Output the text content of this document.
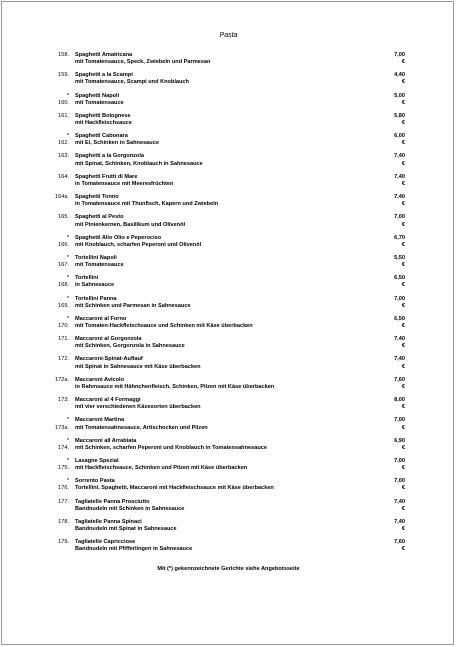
Pasta
158. Spaghetti Amatricana
mit Tomatensauce, Speck, Zwiebeln und Parmesan
7,00
€
159. Spaghetti a la Scampi
mit Tomatensauce, Scampi und Knoblauch
4,40
€
*
160.
Spaghetti Napoli
mit Tomatensauce
5,00
€
161. Spaghetti Bolognese
mit Hackfleischsauce
5,80
€
*
162.
Spaghetti Cabonara
mit Ei, Schinken in Sahnesauce
6,00
€
163. Spaghetti a la Gorgonzola
mit Spinat, Schinken, Knoblauch in Sahnesauce
7,40
€
164. Spaghetti Frutti di Mare
in Tomatensauce mit Meeresfrüchten
7,40
€
164a. Spaghetti Tonno
in Tomatensauce mit Thunfisch, Kapern und Zwiebeln
7,40
€
165. Spaghetti al Pesto
mit Pinienkernen, Basilikum und Olivenöl
7,00
€
*
166.
Spaghetti Alio Olio e Peperociso
mit Knoblauch, scharfen Peperoni und Olivenöl
6,70
€
*
167.
Tortellini Napoli
mit Tomatensauce
5,50
€
*
168.
Tortellini
in Sahnesauce
6,50
€
*
169.
Tortellini Panna
mit Schinken und Parmesan in Sahnesauce
7,00
€
*
170.
Maccaroni al Forno
mit Tomaten-Hackfleischsauce und Schinken mit Käse überbacken
6,50
€
171. Maccaroni al Gorgonzola
mit Schinken, Gorgonzola in Sahnesauce
7,40
€
172. Maccaroni-Spinat-Auflauf
mit Spinat in Sahnesauce mit Käse überbacken
7,40
€
172a. Maccaroni Avicolo
in Rahmsauce mit Hähnchenfleisch, Schinken, Pilzen mit Käse überbacken
7,60
€
173. Maccaroni al 4 Formaggi
mit vier verschiedenen Käsesorten überbacken
8,00
€
*
173a.
Maccaroni Martina
mit Tomatensahnesauce, Artischocken und Pilzen
7,00
€
*
174.
Maccaroni all Arrabiata
mit Schinken, scharfen Peperoni und Knoblauch in Tomatensahnesauce
6,90
€
*
175.
Lasagne Spezial
mit Hackfleischsauce, Schinken und Pilzen mit Käse überbacken
7,00
€
*
176.
Sorrento Pasta
Tortellini, Spaghetti, Maccaroni mit Hackfleischsauce mit Käse überbacken
7,00
€
177. Tagliatelle Panna Prosciutto
Bandnudeln mit Schinken in Sahnesauce
7,40
€
178. Tagliatelle Panna Spinaci
Bandnudeln mit Spinat in Sahnesauce
7,40
€
179. Tagliatelle Capricciose
Bandnudeln mit Pfifferlingen in Sahnesauce
7,60
€
Mit (*) gekennzeichnete Gerichte siehe Angebotsseite
